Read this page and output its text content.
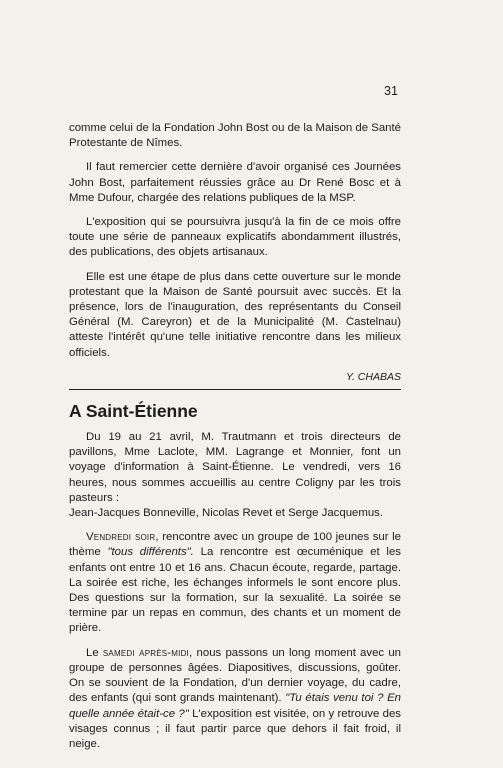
31

comme celui de la Fondation John Bost ou de la Maison de Santé Protestante de Nîmes.

Il faut remercier cette dernière d'avoir organisé ces Journées John Bost, parfaitement réussies grâce au Dr René Bosc et à Mme Dufour, chargée des relations publiques de la MSP.

L'exposition qui se poursuivra jusqu'à la fin de ce mois offre toute une série de panneaux explicatifs abondamment illustrés, des publications, des objets artisanaux.

Elle est une étape de plus dans cette ouverture sur le monde protestant que la Maison de Santé poursuit avec succès. Et la présence, lors de l'inauguration, des représentants du Conseil Général (M. Careyron) et de la Municipalité (M. Castelnau) atteste l'intérêt qu'une telle initiative rencontre dans les milieux officiels.

Y. CHABAS
A Saint-Étienne

Du 19 au 21 avril, M. Trautmann et trois directeurs de pavillons, Mme Laclote, MM. Lagrange et Monnier, font un voyage d'information à Saint-Étienne. Le vendredi, vers 16 heures, nous sommes accueillis au centre Coligny par les trois pasteurs :

Jean-Jacques Bonneville, Nicolas Revet et Serge Jacquemus.

Vendredi soir, rencontre avec un groupe de 100 jeunes sur le thème "tous différents". La rencontre est œcuménique et les enfants ont entre 10 et 16 ans. Chacun écoute, regarde, partage. La soirée est riche, les échanges informels le sont encore plus. Des questions sur la formation, sur la sexualité. La soirée se termine par un repas en commun, des chants et un moment de prière.

Le samedi après-midi, nous passons un long moment avec un groupe de personnes âgées. Diapositives, discussions, goûter. On se souvient de la Fondation, d'un dernier voyage, du cadre, des enfants (qui sont grands maintenant). "Tu étais venu toi ? En quelle année était-ce ?" L'exposition est visitée, on y retrouve des visages connus ; il faut partir parce que dehors il fait froid, il neige.
